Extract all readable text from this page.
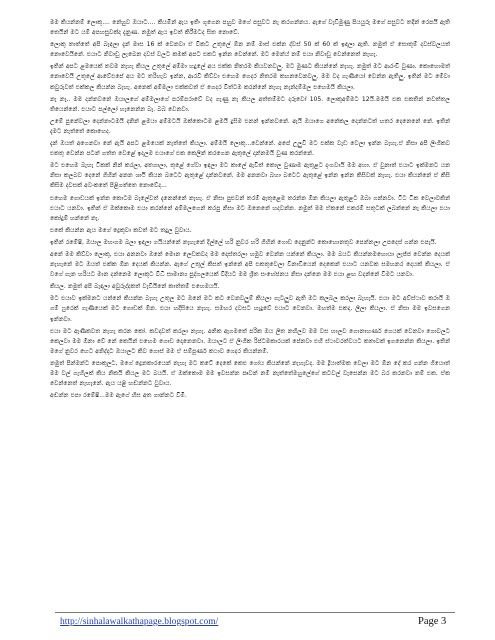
මම කියන්නම් ලොකු.... නේහුව ඔයාට.... කියමින් ඇය ඉතිං ගුගෙන පහුව මගේ පසුවට නැ කරගන්නය. ඇගේ වැඩිමුණු පියයුරු මගේ පසුවට තදින් රෙපයී ඇති තෙයින් මට යම් අපහසුවක්ද දැනුණ. නමුත් ඇය ඉවත් කිරීමටද සිත නොවේ.

ලොකු තාත්තේ අපි බැඳලා දැන් මාස 16 ක් වෙනවා ඒ විකට උතුලේ ඕන නම් මාස් එක්න ද්වස් 50 ක් 60 ක් ඉඳලා ඇති. නමුත් ඒ සොතුම් දවස්වලයත් නොවෙයිනේ. එයාට නිවාඩු ලැබෙන දවස් වලට කමක් අපට එකට ඉන්න වෙන්නේ. මට මෙන්ය් නම් එයා නිවාඩු වෙන්නෙත් නැහැ.

ඉතින් අපට ළමයෙක් තවම නැහැ කියල උතුලේ අම්මා හදුලේ අය එක්ක නිතරම කියවනවලු. මට මුණට කියන්නේ නැහැ. නමුත් මට ආරංචි වුණා. කොහොමත් නොවෙයි උතුලේ ආවේඑපේ අය මට තරිහැව ඉන්න, ආරවී කිව්වා එහෙම ගෙදර නිතරම කහනවෙනවලු. මම වද ගැණියෝ වෙන්න ඇතිලු. ඉතින් මට මේවා කවුරුවත් එක්කල කියන්න බැහැ. අනෙක් අම්මලා එක්කවත් ඒ ගෙදර විත්ටම කරන්නේ නැහැ නැන්දම්මල එහෙමයි කියලා.

නැ නෑ.. මම දන්නවනේ ඔයාලගේ අම්මලාගේ පරම්පරාවේ වද ගැණු නැ කියල අත්තම්මට දරුවෝ 105. ලොකුඅම්මට 12යි.මමයි එක එකතින් නවත්තල තියෙන්නේ. එයාට පල්ලෝ හැනෙන්න බෑ. බබ වෙනවා.

උමේ පුනේවලා දෙන්නාටමයි දනින් ළමයා අම්මටයි ඔක්කොටම ළමයි දුසිම එනන් ඉන්නවනේ. ඇයි ඔයාගෙ අනේකල දෙන්නටත් හතර දෙනෙනේ නේ. ඉතින් දැමට නැත්තේ කොහෙද.

දැන් ඔයත් අගෙනවා නේ ඇයි අපට ළමයෙක් නැත්තේ කියලා. අම්මයි ලොකු...වෙන්නේ. අපේ උලුවී මට එක්ක වැඩ වෙලා ඉන්න බැහැ.ඒ නිසා අපි ලිංගිකව එකතු වෙන්න පටන් ගත්ත වෙළේ ඉදලම එයාගේ එක කෙලින් කරගෙන ඇතුලේ දාන්නමයි වුණ කරන්නේ.

මට එහෙම බැහැ ටිකක් නින් කරලා, අතගාලා, තුළේ ගේවා ඉඳලා මට කාලේ ඇවිත් කොල වුණාම ඇතුළට දාංගවායි මම අහා. ඒ වුනාත් එයාට ඉක්මනට යන නිසා කලබව දෙනේ ගිහින් අනන ශාථි කියන බටෙට ඇතුළේ දාන්නවනේ. මම අනනවා බහා බටෙට ඇතුළේ ඉන්න ඉන්න කිසිවක් නැහැ. එයා කියන්නේ ඒ කිසි කිසිම දවසක් අවංකතේ පිළිගත්තෙ නොවේද...

එහෙම ගොඩයක් ඉන්න කොටම බැලේවත් දැනෙන්නේ නැහැ. ඒ නිසා පුළුවන් තරම් ඇතුළෙම තරන්න ඕන කියලා ඇතුළට ඔබා ගන්නවා. ටිට ටික වෙලාවකින් එයාට යනවා. ඉතින් ඒ ඔක්කොම එයා කරන්නේ අම්මලගෙන් කරපු නිසා මට ඔනෙනේ හදවන්න. නමුත් මම ඒකනේ එකරම් සතුටක් ලබන්නේ නැ කියලා එයා කෝදුම් හන්නේ නැ.

එකේ කියන්න ඇය මගේ ද්‍රෙකුවා කවත් මට තදුල වුවාය.

ඉතින් රමේෂි, ඔයාල මහංගම බලා ඉඳලා ගයියන්නේ නැහැනේ දිල්ලේ හරි නුවර හරි ගිහින් ගොඩ දෙනුන්ට කොහොනතුව පෙන්නලා උපදෙස් ගන්න එපැයි.

අනේ මම කිව්වා ලොකු, එයා අනනවා ඔනේ මොන ලෙඩකවද මම දොස්තරලා හමුව වෙන්න යන්නේ කියලා. මම බයට කියන්නමහොයා ලැජ්ජ වෙන්න දෙයක් නැහැනේ මට ඔයත් එක්ක ඕන දෙයක් කියන්න. ඇගේ උතුල් කිසත් ඉන්නේ අපි එකතුවෙලා විනාඩියෙන් දෙකෙන් එයාට යනවක සමහනර දෙයක් කියලා. ඒ වගේ ගැන හරියට මාන දන්නෙම ලොකුට විධි සාමාන්‍ය පුද්ගලයෙක් විදියට මම ශ්‍රීත සංහේජනය නිසා දන්නෙ මම එයා ළඟ වදන්නේ විමට යනවා.

කියල. නමුත් අපි බැඳලා අවුරුද්දකත් වැඩියිනේ කාත්තම් එහෙමයයි.

මට එයාව ඉක්මනට යන්නේ කියන්න බැහැ උතුල මට ඔනේ මට කට වෙනවලුම් කියලා ගැටලුව ඇති මට කලබල කරලා බැහැයි. එයා මට අව්ස්ථාව කරායි ඔ ගම් ෆුරෙක් ගැණියෙක් මට ගොඩක් ඕන. එයා හදිසියෙ නැහැ. සමහර දවසට හැදුවේ එයාට වෙනවා. මහත්ම එකද, ලීලා කියලා. ඒ නිසා මම ඉවසගෙන ඉන්නවා.

එයා මට ඇණිකවත නැහැ කරන කෝ. කවදාවත් කරලා නැහැ. අනික ඇගමතේ පරික ඔය ලිත නහිලව මම වස හාලව ගොනාහර්ණ ගෙයක් වෙනවා ගොවලට කෙලවා මම ඕනා වේ නේ කෙයින් එහෙම ගොඩ දොනෙනවා. ඔයාලට ඒ ලිංගික රිප්ටමකාරයක් පේනවා එහි ස්ථාවරත්වයට කතාවක් ඉගනෙන්න කියලා. ඉතින් මගේ නුවර හෙට අනිද්දාට ඔයාලට කිව ගොස් මම ඒ සම්පූර්ණ කථාව ගෙදර කියන්නම්.

නමුත් පින්මන්ට පොකුලට, මගේ ද්‍රෙනකාරයෙන් නැහැ මට කටේ දෙකේ කෙළු ගෝය කියන්නේ නැහැවද. මම ද්‍රීයාත්මක වෙලා මට ඕන දේ කර ගන්න ගියොත් මම වල් ගැහිලක් කිය නිකයි කියල මට බයයි. ඒ ඔක්කොම මම ඉවසන්න ප්‍රුවන් නම් නැත්තේමහුලේගේ කටවල් වැසෙන්න මට බර කරනවා නම් එක. ඒක වෙන්නෙත් නැහැනේ. ඇය යළි හඬන්නට වුවාය.

අඬන්න එපා රමේෂි...මම ඇගේ හිස අත ගාන්නට විමි.

http://sinhalawalkathapage.blogspot.com/	Page 3
